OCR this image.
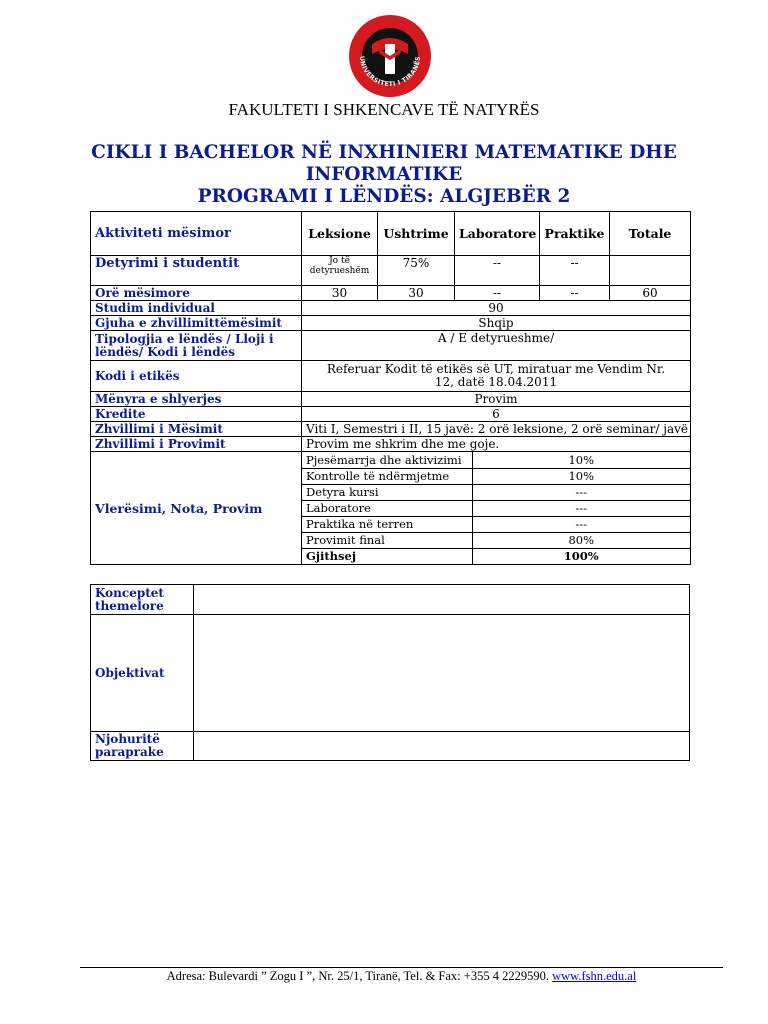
UNIVERSITETI I TIRANËS
FAKULTETI I SHKENCAVE TË NATYRËS
CIKLI I BACHELOR NË INXHINIERI MATEMATIKE DHE
INFORMATIKE
PROGRAMI I LËNDËS: ALGJEBËR 2
Aktiviteti mësimor	Leksione	Ushtrime	Laboratore	Praktike	Totale
Detyrimi i studentit	Jo të detyrueshëm	75%	--	--	
Orë mësimore	30	30	--	--	60
Studim individual	90
Gjuha e zhvillimittëmësimit	Shqip
Tipologjia e lëndës / Lloji i lëndës/ Kodi i lëndës	A / E detyrueshme/
Kodi i etikës	Referuar Kodit të etikës së UT, miratuar me Vendim Nr. 12, datë 18.04.2011
Mënyra e shlyerjes	Provim
Kredite	6
Zhvillimi i Mësimit	Viti I, Semestri i II, 15 javë: 2 orë leksione, 2 orë seminar/ javë
Zhvillimi i Provimit	Provim me shkrim dhe me goje.
Vlerësimi, Nota, Provim	
Pjesëmarrja dhe aktivizimi	10%
Kontrolle të ndërmjetme	10%
Detyra kursi	---
Laboratore	---
Praktika në terren	---
Provimit final	80%
Gjithsej	100%
Konceptet themelore	
Objektivat	
Njohuritë paraprake	
Adresa: Bulevardi ” Zogu I ”, Nr. 25/1, Tiranë, Tel. & Fax: +355 4 2229590. www.fshn.edu.al
